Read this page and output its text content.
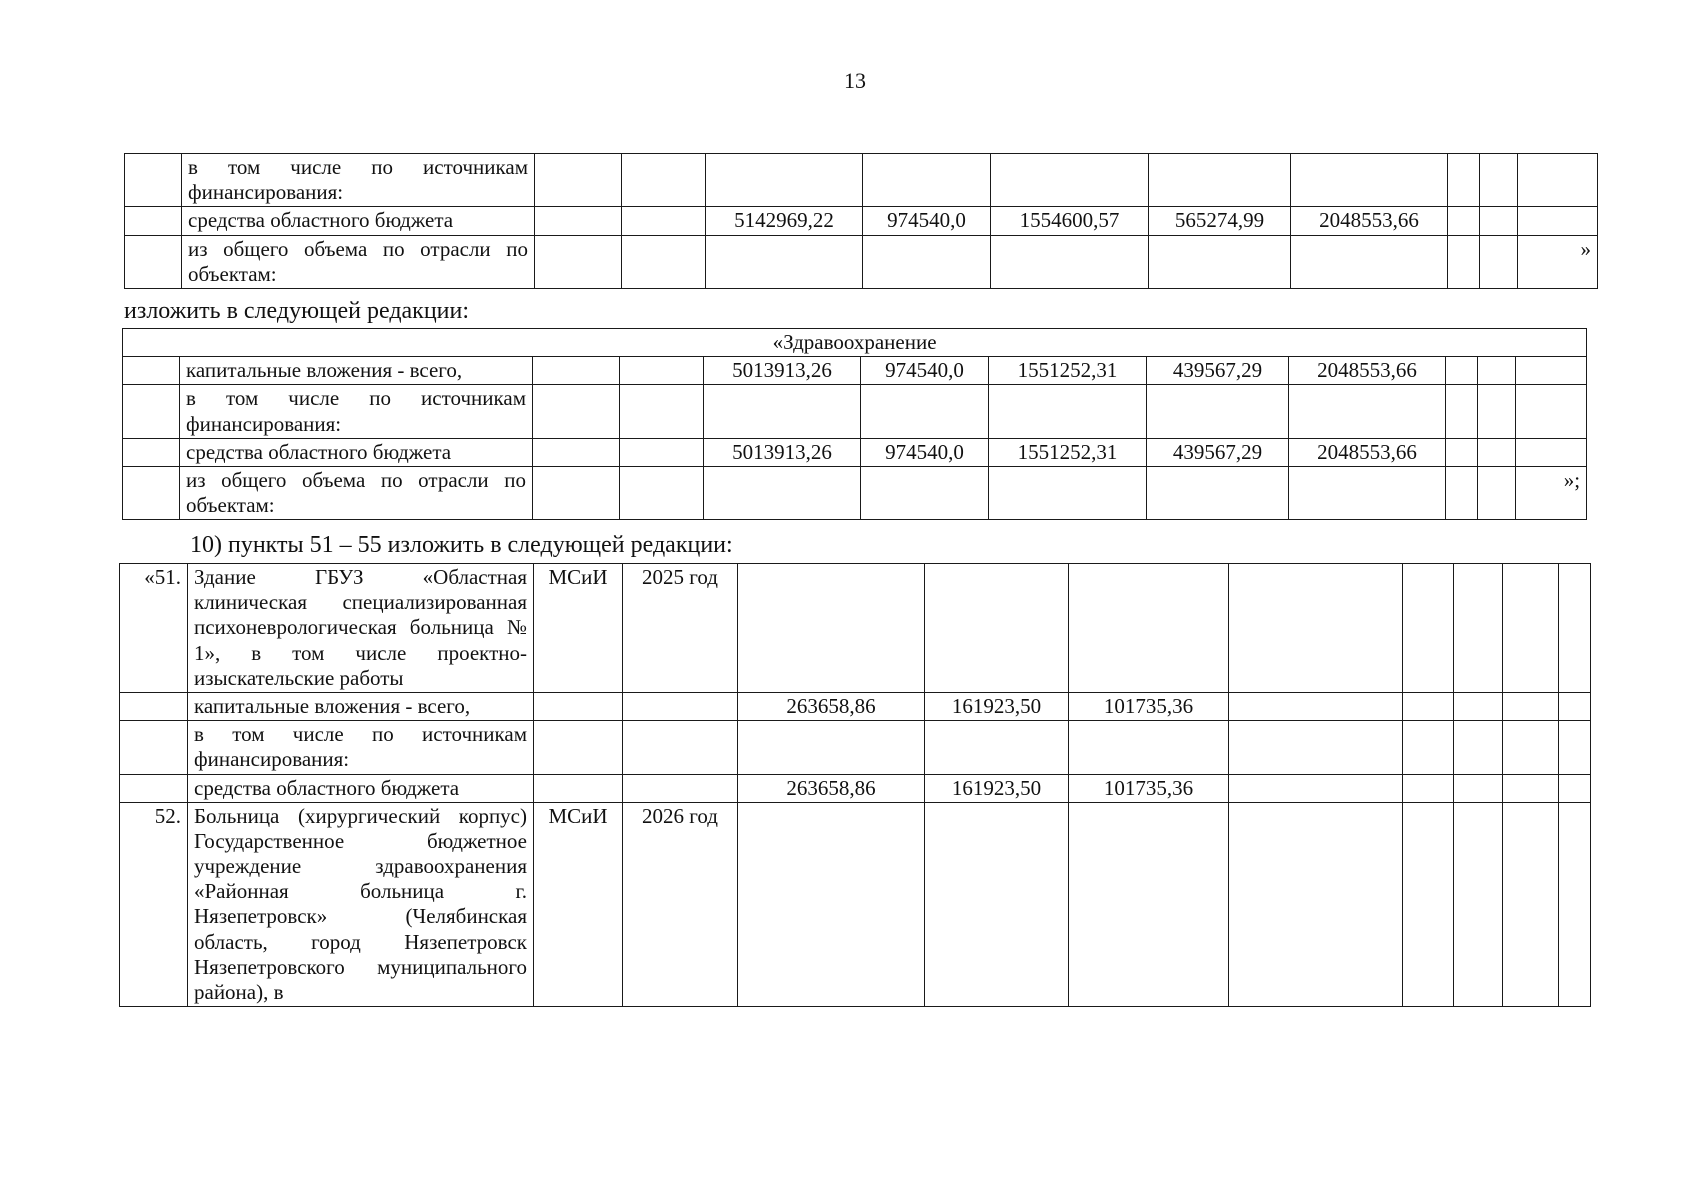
13
	в том числе по источникам финансирования:										
	средства областного бюджета			5142969,22	974540,0	1554600,57	565274,99	2048553,66			
	из общего объема по отрасли по объектам:										»
изложить в следующей редакции:
«Здравоохранение											
	капитальные вложения - всего,			5013913,26	974540,0	1551252,31	439567,29	2048553,66			
	в том числе по источникам финансирования:										
	средства областного бюджета			5013913,26	974540,0	1551252,31	439567,29	2048553,66			
	из общего объема по отрасли по объектам:										»;
10) пункты 51 – 55 изложить в следующей редакции:
«51.	Здание ГБУЗ «Областная клиническая специализированная психоневрологическая больница № 1», в том числе проектно-изыскательские работы	МСиИ	2025 год								
	капитальные вложения - всего,			263658,86	161923,50	101735,36					
	в том числе по источникам финансирования:										
	средства областного бюджета			263658,86	161923,50	101735,36					
52.	Больница (хирургический корпус) Государственное бюджетное учреждение здравоохранения «Районная больница г. Нязепетровск» (Челябинская область, город Нязепетровск Нязепетровского муниципального района), в	МСиИ	2026 год								
